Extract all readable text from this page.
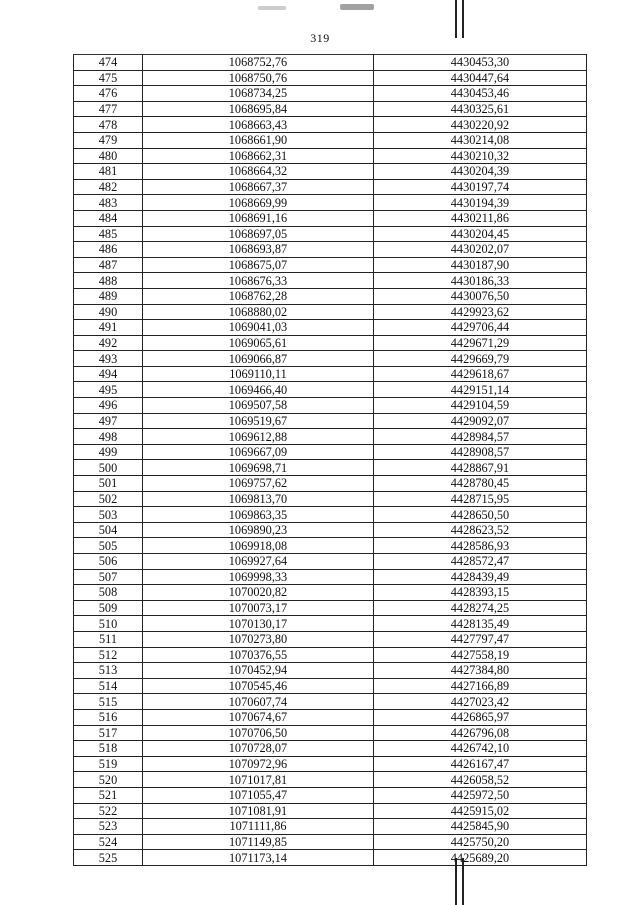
319
474	1068752,76	4430453,30
475	1068750,76	4430447,64
476	1068734,25	4430453,46
477	1068695,84	4430325,61
478	1068663,43	4430220,92
479	1068661,90	4430214,08
480	1068662,31	4430210,32
481	1068664,32	4430204,39
482	1068667,37	4430197,74
483	1068669,99	4430194,39
484	1068691,16	4430211,86
485	1068697,05	4430204,45
486	1068693,87	4430202,07
487	1068675,07	4430187,90
488	1068676,33	4430186,33
489	1068762,28	4430076,50
490	1068880,02	4429923,62
491	1069041,03	4429706,44
492	1069065,61	4429671,29
493	1069066,87	4429669,79
494	1069110,11	4429618,67
495	1069466,40	4429151,14
496	1069507,58	4429104,59
497	1069519,67	4429092,07
498	1069612,88	4428984,57
499	1069667,09	4428908,57
500	1069698,71	4428867,91
501	1069757,62	4428780,45
502	1069813,70	4428715,95
503	1069863,35	4428650,50
504	1069890,23	4428623,52
505	1069918,08	4428586,93
506	1069927,64	4428572,47
507	1069998,33	4428439,49
508	1070020,82	4428393,15
509	1070073,17	4428274,25
510	1070130,17	4428135,49
511	1070273,80	4427797,47
512	1070376,55	4427558,19
513	1070452,94	4427384,80
514	1070545,46	4427166,89
515	1070607,74	4427023,42
516	1070674,67	4426865,97
517	1070706,50	4426796,08
518	1070728,07	4426742,10
519	1070972,96	4426167,47
520	1071017,81	4426058,52
521	1071055,47	4425972,50
522	1071081,91	4425915,02
523	1071111,86	4425845,90
524	1071149,85	4425750,20
525	1071173,14	4425689,20
